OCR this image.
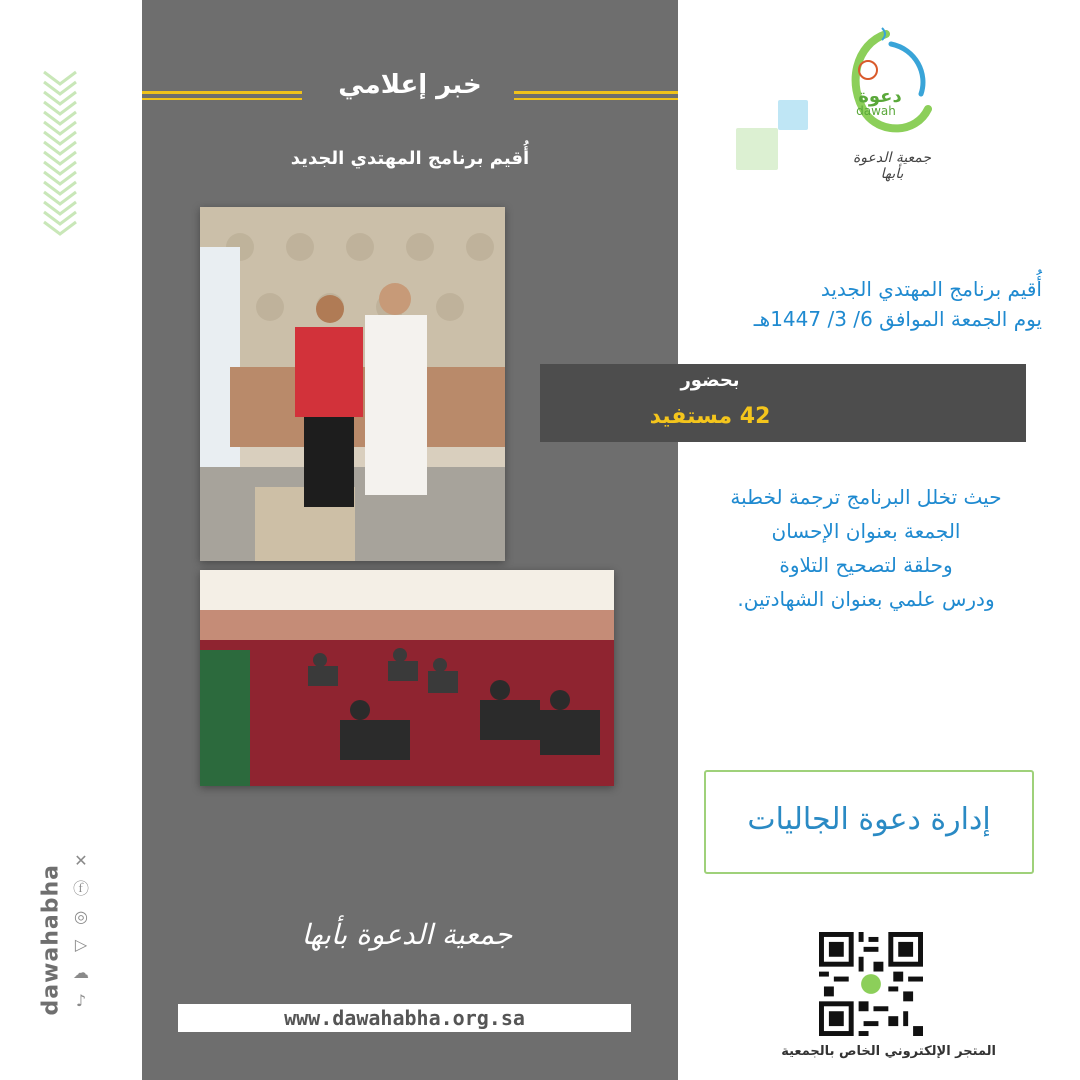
✕
ⓕ
◎
▷
☁
♪
dawahabha
خبر إعلامي
أُقيم برنامج المهتدي الجديد
جمعية الدعوة بأبها
www.dawahabha.org.sa
دعوة
dawah
جمعية الدعوة بأبها
أُقيم برنامج المهتدي الجديد
يوم الجمعة الموافق 6/ 3/ 1447هـ
بحضور
42 مستفيد
حيث تخلل البرنامج ترجمة لخطبة
الجمعة بعنوان الإحسان
وحلقة لتصحيح التلاوة
ودرس علمي بعنوان الشهادتين.
إدارة دعوة الجاليات
المتجر الإلكتروني الخاص بالجمعية
